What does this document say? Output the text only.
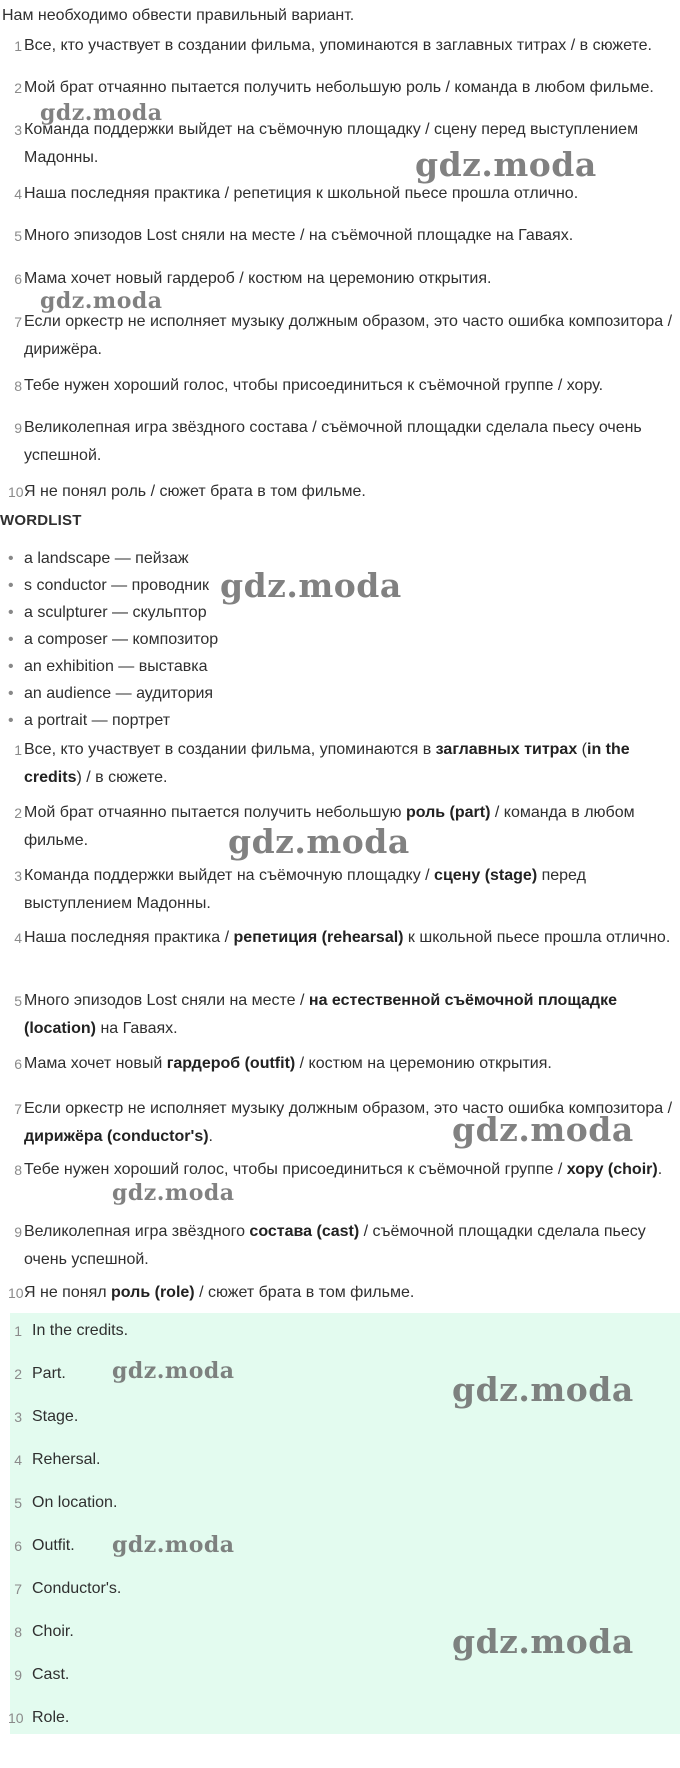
Нам необходимо обвести правильный вариант.
1 Все, кто участвует в создании фильма, упоминаются в заглавных титрах / в сюжете.
2 Мой брат отчаянно пытается получить небольшую роль / команда в любом фильме.
3 Команда поддержки выйдет на съёмочную площадку / сцену перед выступлением Мадонны.
4 Наша последняя практика / репетиция к школьной пьесе прошла отлично.
5 Много эпизодов Lost сняли на месте / на съёмочной площадке на Гаваях.
6 Мама хочет новый гардероб / костюм на церемонию открытия.
7 Если оркестр не исполняет музыку должным образом, это часто ошибка композитора / дирижёра.
8 Тебе нужен хороший голос, чтобы присоединиться к съёмочной группе / хору.
9 Великолепная игра звёздного состава / съёмочной площадки сделала пьесу очень успешной.
10 Я не понял роль / сюжет брата в том фильме.
WORDLIST
• a landscape — пейзаж
• s conductor — проводник
• a sculpturer — скульптор
• a composer — композитор
• an exhibition — выставка
• an audience — аудитория
• a portrait — портрет
1 Все, кто участвует в создании фильма, упоминаются в заглавных титрах (in the credits) / в сюжете.
2 Мой брат отчаянно пытается получить небольшую роль (part) / команда в любом фильме.
3 Команда поддержки выйдет на съёмочную площадку / сцену (stage) перед выступлением Мадонны.
4 Наша последняя практика / репетиция (rehearsal) к школьной пьесе прошла отлично.
5 Много эпизодов Lost сняли на месте / на естественной съёмочной площадке (location) на Гаваях.
6 Мама хочет новый гардероб (outfit) / костюм на церемонию открытия.
7 Если оркестр не исполняет музыку должным образом, это часто ошибка композитора / дирижёра (conductor's).
8 Тебе нужен хороший голос, чтобы присоединиться к съёмочной группе / хору (choir).
9 Великолепная игра звёздного состава (cast) / съёмочной площадки сделала пьесу очень успешной.
10 Я не понял роль (role) / сюжет брата в том фильме.
1 In the credits.
2 Part.
3 Stage.
4 Rehersal.
5 On location.
6 Outfit.
7 Conductor's.
8 Choir.
9 Cast.
10 Role.
gdz.moda
gdz.moda
gdz.moda
gdz.moda
gdz.moda
gdz.moda
gdz.moda
gdz.moda	gdz.moda
gdz.moda
gdz.moda
